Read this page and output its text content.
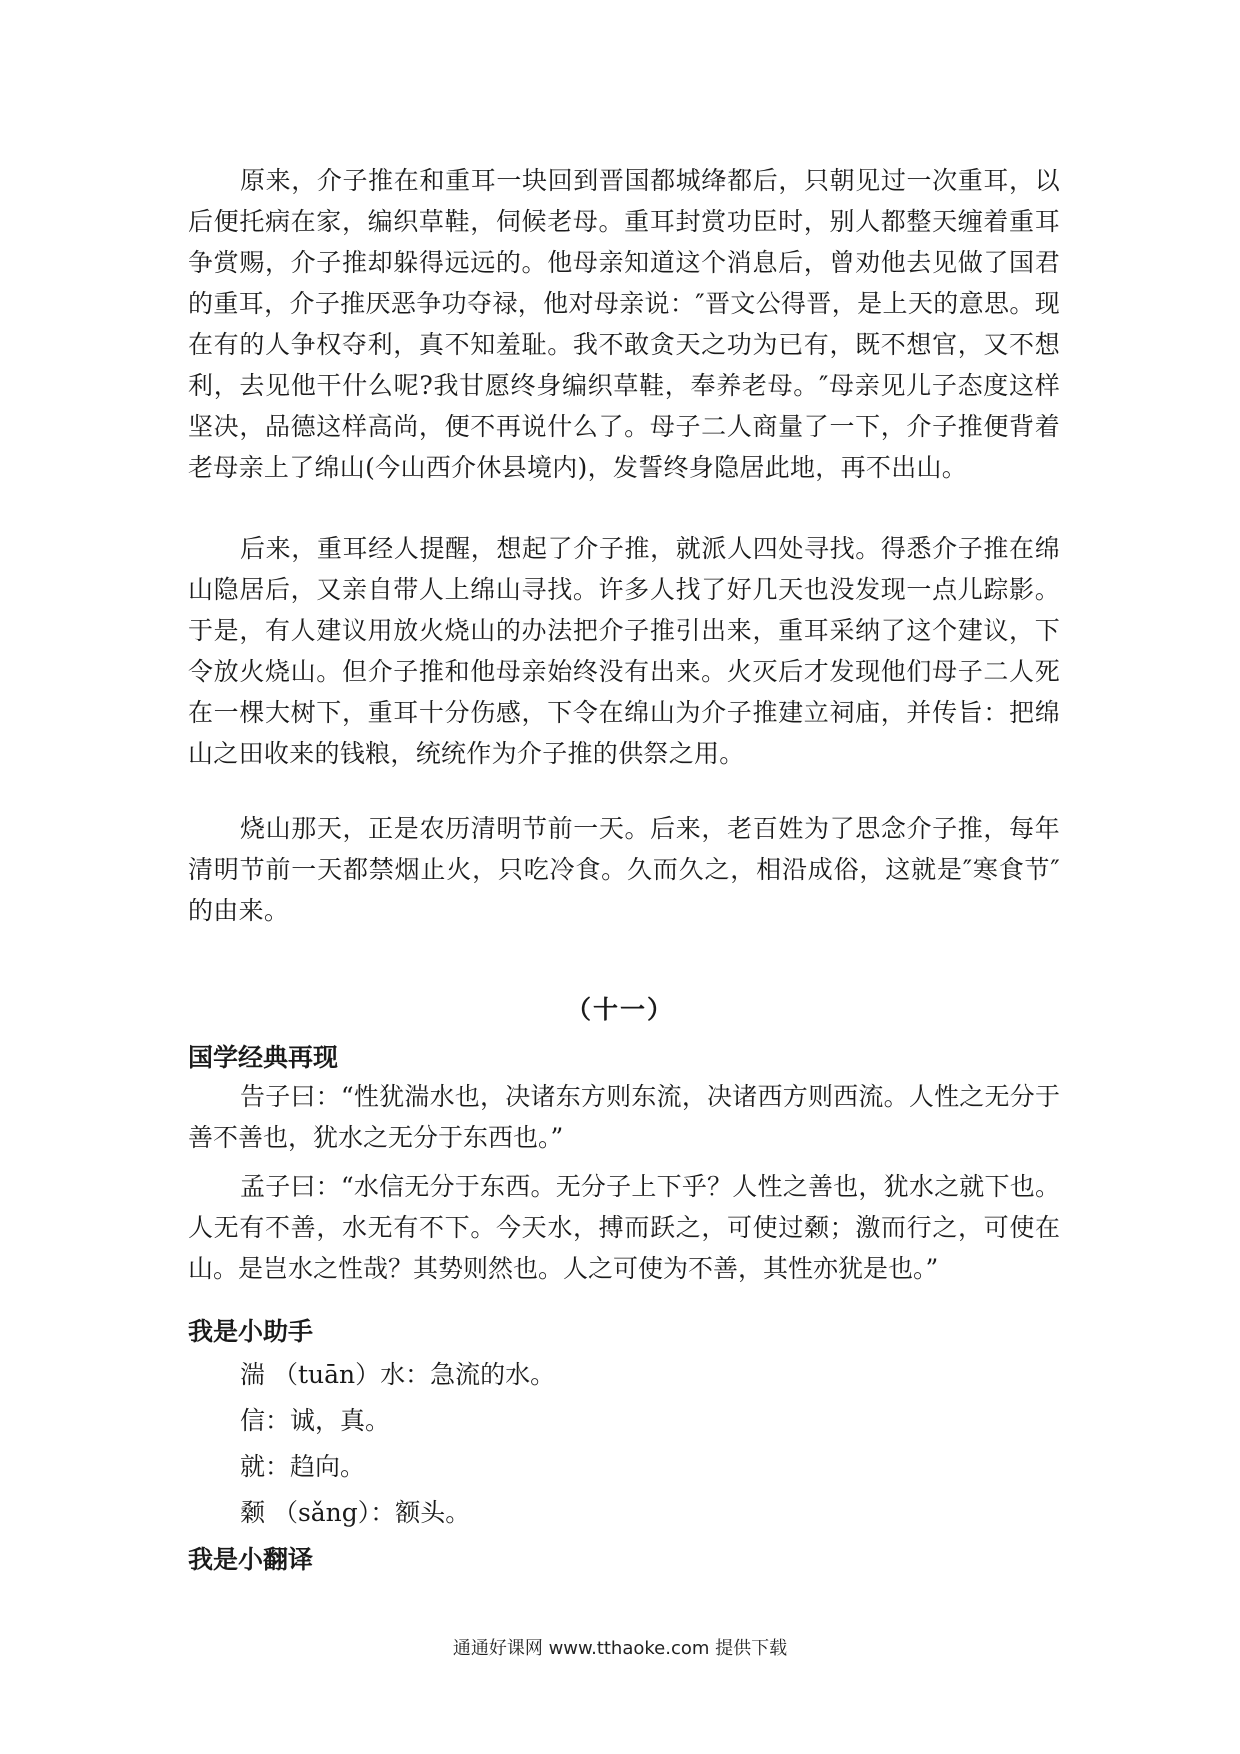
原来，介子推在和重耳一块回到晋国都城绛都后，只朝见过一次重耳，以后便托病在家，编织草鞋，伺候老母。重耳封赏功臣时，别人都整天缠着重耳争赏赐，介子推却躲得远远的。他母亲知道这个消息后，曾劝他去见做了国君的重耳，介子推厌恶争功夺禄，他对母亲说：″晋文公得晋，是上天的意思。现在有的人争权夺利，真不知羞耻。我不敢贪天之功为已有，既不想官，又不想利，去见他干什么呢?我甘愿终身编织草鞋，奉养老母。″母亲见儿子态度这样坚决，品德这样高尚，便不再说什么了。母子二人商量了一下，介子推便背着老母亲上了绵山(今山西介休县境内)，发誓终身隐居此地，再不出山。

后来，重耳经人提醒，想起了介子推，就派人四处寻找。得悉介子推在绵山隐居后，又亲自带人上绵山寻找。许多人找了好几天也没发现一点儿踪影。于是，有人建议用放火烧山的办法把介子推引出来，重耳采纳了这个建议，下令放火烧山。但介子推和他母亲始终没有出来。火灭后才发现他们母子二人死在一棵大树下，重耳十分伤感，下令在绵山为介子推建立祠庙，并传旨：把绵山之田收来的钱粮，统统作为介子推的供祭之用。

烧山那天，正是农历清明节前一天。后来，老百姓为了思念介子推，每年清明节前一天都禁烟止火，只吃冷食。久而久之，相沿成俗，这就是″寒食节″的由来。

（十一）
国学经典再现

告子曰：“性犹湍水也，决诸东方则东流，决诸西方则西流。人性之无分于善不善也，犹水之无分于东西也。”

孟子曰：“水信无分于东西。无分子上下乎？人性之善也，犹水之就下也。人无有不善，水无有不下。今天水，搏而跃之，可使过颡；激而行之，可使在山。是岂水之性哉？其势则然也。人之可使为不善，其性亦犹是也。”

我是小助手

湍 （tuān）水：急流的水。

信：诚，真。

就：趋向。

颡 （sǎng）：额头。

我是小翻译
通通好课网 www.tthaoke.com 提供下载
